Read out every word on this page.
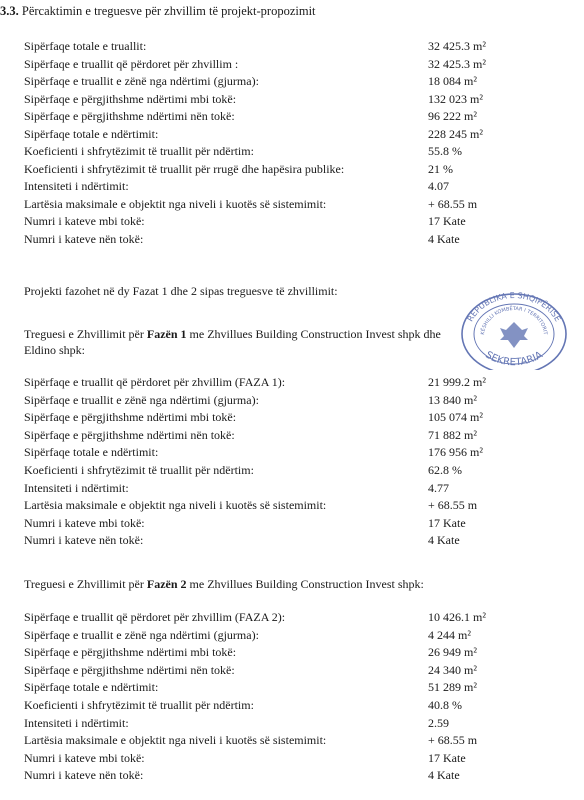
3.3. Përcaktimin e treguesve për zhvillim të projekt-propozimit
Sipërfaqe totale e truallit:	32 425.3 m²
Sipërfaqe e truallit që përdoret për zhvillim :	32 425.3 m²
Sipërfaqe e truallit e zënë nga ndërtimi (gjurma):	18 084 m²
Sipërfaqe e përgjithshme ndërtimi mbi tokë:	132 023 m²
Sipërfaqe e përgjithshme ndërtimi nën tokë:	96 222 m²
Sipërfaqe totale e ndërtimit:	228 245 m²
Koeficienti i shfrytëzimit të truallit për ndërtim:	55.8 %
Koeficienti i shfrytëzimit të truallit për rrugë dhe hapësira publike:	21 %
Intensiteti i ndërtimit:	4.07
Lartësia maksimale e objektit nga niveli i kuotës së sistemimit:	+ 68.55 m
Numri i kateve mbi tokë:	17 Kate
Numri i kateve nën tokë:	4 Kate
Projekti fazohet në dy Fazat 1 dhe 2 sipas treguesve të zhvillimit:
Treguesi e Zhvillimit për Fazën 1 me Zhvillues Building Construction Invest shpk dhe
Eldino shpk:
Sipërfaqe e truallit që përdoret për zhvillim (FAZA 1):	21 999.2 m²
Sipërfaqe e truallit e zënë nga ndërtimi (gjurma):	13 840 m²
Sipërfaqe e përgjithshme ndërtimi mbi tokë:	105 074 m²
Sipërfaqe e përgjithshme ndërtimi nën tokë:	71 882 m²
Sipërfaqe totale e ndërtimit:	176 956 m²
Koeficienti i shfrytëzimit të truallit për ndërtim:	62.8 %
Intensiteti i ndërtimit:	4.77
Lartësia maksimale e objektit nga niveli i kuotës së sistemimit:	+ 68.55 m
Numri i kateve mbi tokë:	17 Kate
Numri i kateve nën tokë:	4 Kate
Treguesi e Zhvillimit për Fazën 2 me Zhvillues Building Construction Invest shpk:
Sipërfaqe e truallit që përdoret për zhvillim (FAZA 2):	10 426.1 m²
Sipërfaqe e truallit e zënë nga ndërtimi (gjurma):	4 244 m²
Sipërfaqe e përgjithshme ndërtimi mbi tokë:	26 949 m²
Sipërfaqe e përgjithshme ndërtimi nën tokë:	24 340 m²
Sipërfaqe totale e ndërtimit:	51 289 m²
Koeficienti i shfrytëzimit të truallit për ndërtim:	40.8 %
Intensiteti i ndërtimit:	2.59
Lartësia maksimale e objektit nga niveli i kuotës së sistemimit:	+ 68.55 m
Numri i kateve mbi tokë:	17 Kate
Numri i kateve nën tokë:	4 Kate
REPUBLIKA E SHQIPËRISË
KËSHILLI KOMBËTAR I TERRITORIT
SEKRETARIA
